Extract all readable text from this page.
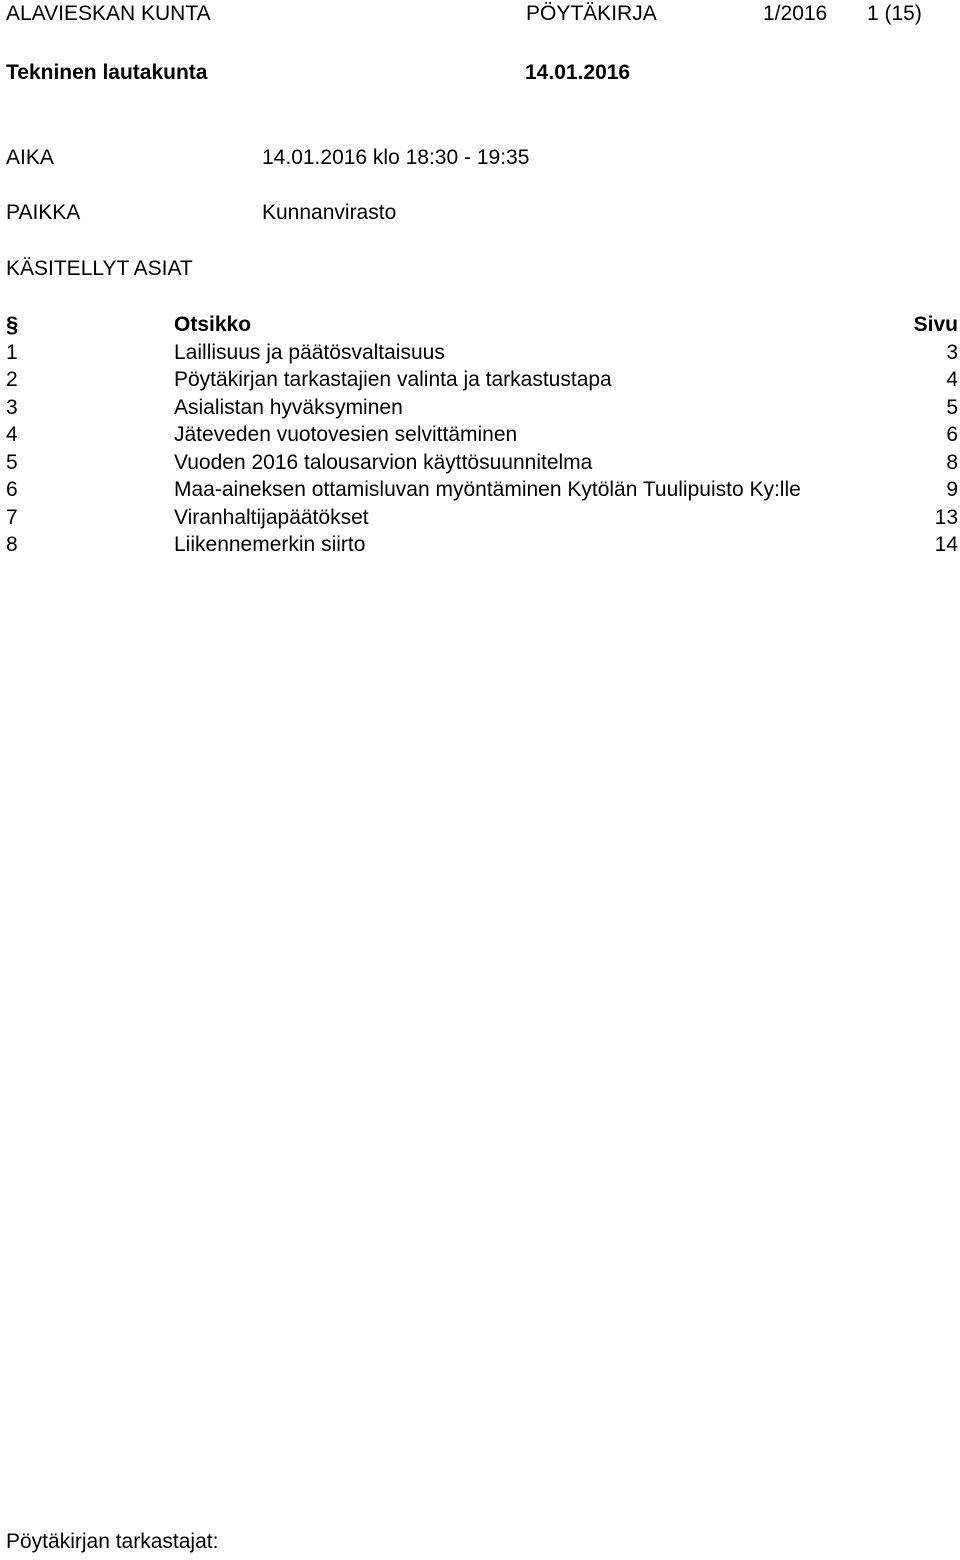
ALAVIESKAN KUNTA	PÖYTÄKIRJA	1/2016 1 (15)
Tekninen lautakunta	14.01.2016
AIKA	14.01.2016 klo 18:30 - 19:35
PAIKKA	Kunnanvirasto
KÄSITELLYT ASIAT
§	Otsikko	Sivu
1	Laillisuus ja päätösvaltaisuus	3
2	Pöytäkirjan tarkastajien valinta ja tarkastustapa	4
3	Asialistan hyväksyminen	5
4	Jäteveden vuotovesien selvittäminen	6
5	Vuoden 2016 talousarvion käyttösuunnitelma	8
6	Maa-aineksen ottamisluvan myöntäminen Kytölän Tuulipuisto Ky:lle	9
7	Viranhaltijapäätökset	13
8	Liikennemerkin siirto	14
Pöytäkirjan tarkastajat:
